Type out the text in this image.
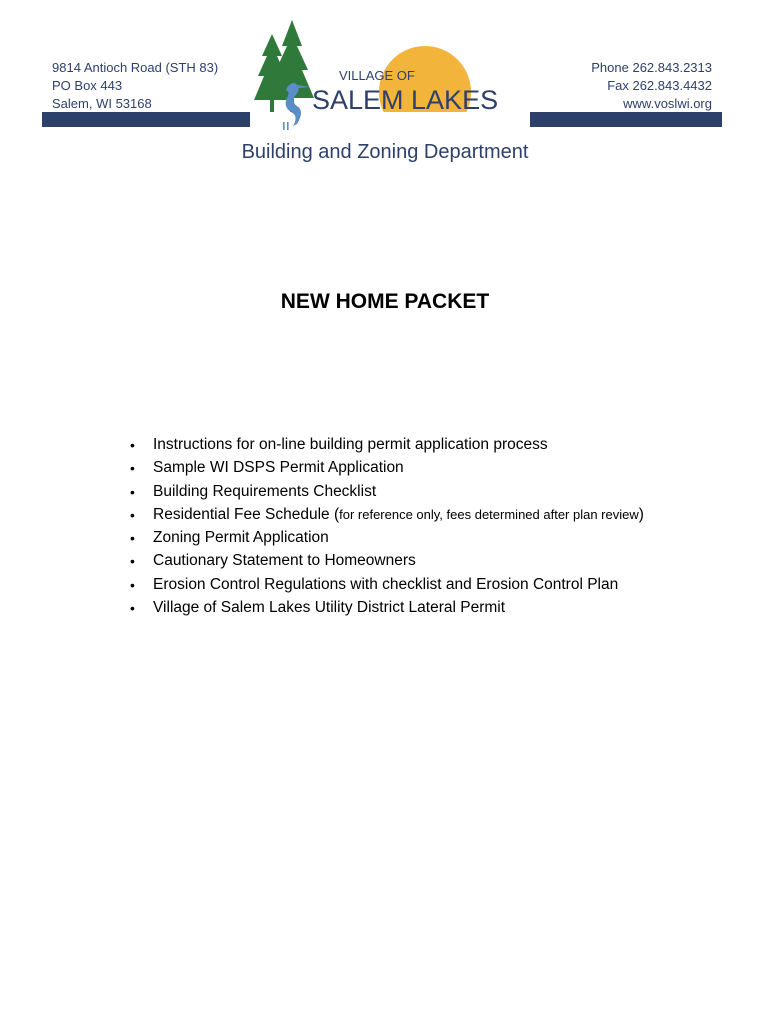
9814 Antioch Road (STH 83)
PO Box 443
Salem, WI 53168
Phone 262.843.2313
Fax 262.843.4432
www.voslwi.org
VILLAGE OF
SALEM LAKES
Est. 2017
Building and Zoning Department
NEW HOME PACKET
• Instructions for on-line building permit application process
• Sample WI DSPS Permit Application
• Building Requirements Checklist
• Residential Fee Schedule (for reference only, fees determined after plan review)
• Zoning Permit Application
• Cautionary Statement to Homeowners
• Erosion Control Regulations with checklist and Erosion Control Plan
• Village of Salem Lakes Utility District Lateral Permit
